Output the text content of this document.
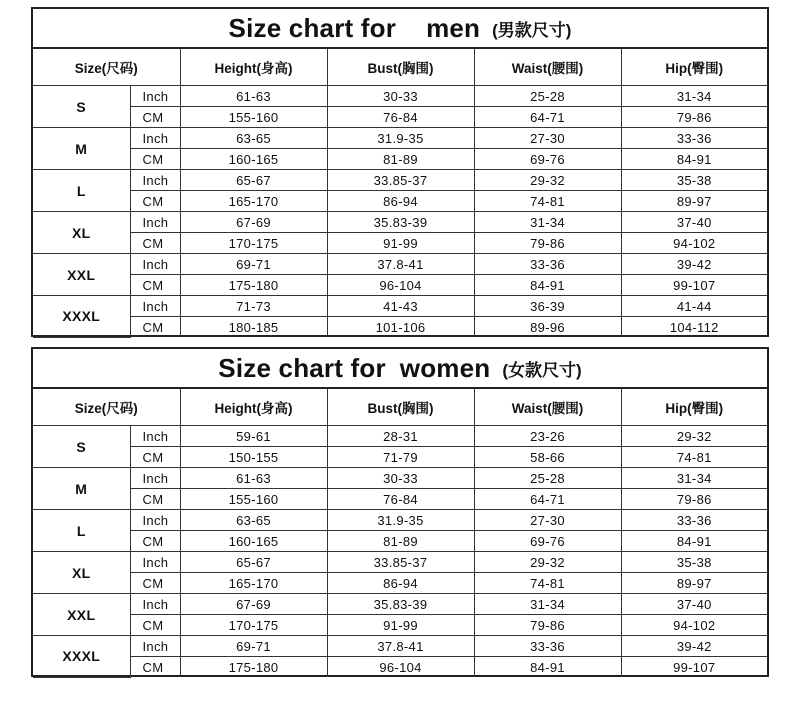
Size chart for men (男款尺寸)
Size(尺码)		Height(身高)	Bust(胸围)	Waist(腰围)	Hip(臀围)
S	Inch	61-63	30-33	25-28	31-34
	CM	155-160	76-84	64-71	79-86
M	Inch	63-65	31.9-35	27-30	33-36
	CM	160-165	81-89	69-76	84-91
L	Inch	65-67	33.85-37	29-32	35-38
	CM	165-170	86-94	74-81	89-97
XL	Inch	67-69	35.83-39	31-34	37-40
	CM	170-175	91-99	79-86	94-102
XXL	Inch	69-71	37.8-41	33-36	39-42
	CM	175-180	96-104	84-91	99-107
XXXL	Inch	71-73	41-43	36-39	41-44
	CM	180-185	101-106	89-96	104-112
Size chart for women (女款尺寸)
Size(尺码)		Height(身高)	Bust(胸围)	Waist(腰围)	Hip(臀围)
S	Inch	59-61	28-31	23-26	29-32
	CM	150-155	71-79	58-66	74-81
M	Inch	61-63	30-33	25-28	31-34
	CM	155-160	76-84	64-71	79-86
L	Inch	63-65	31.9-35	27-30	33-36
	CM	160-165	81-89	69-76	84-91
XL	Inch	65-67	33.85-37	29-32	35-38
	CM	165-170	86-94	74-81	89-97
XXL	Inch	67-69	35.83-39	31-34	37-40
	CM	170-175	91-99	79-86	94-102
XXXL	Inch	69-71	37.8-41	33-36	39-42
	CM	175-180	96-104	84-91	99-107
